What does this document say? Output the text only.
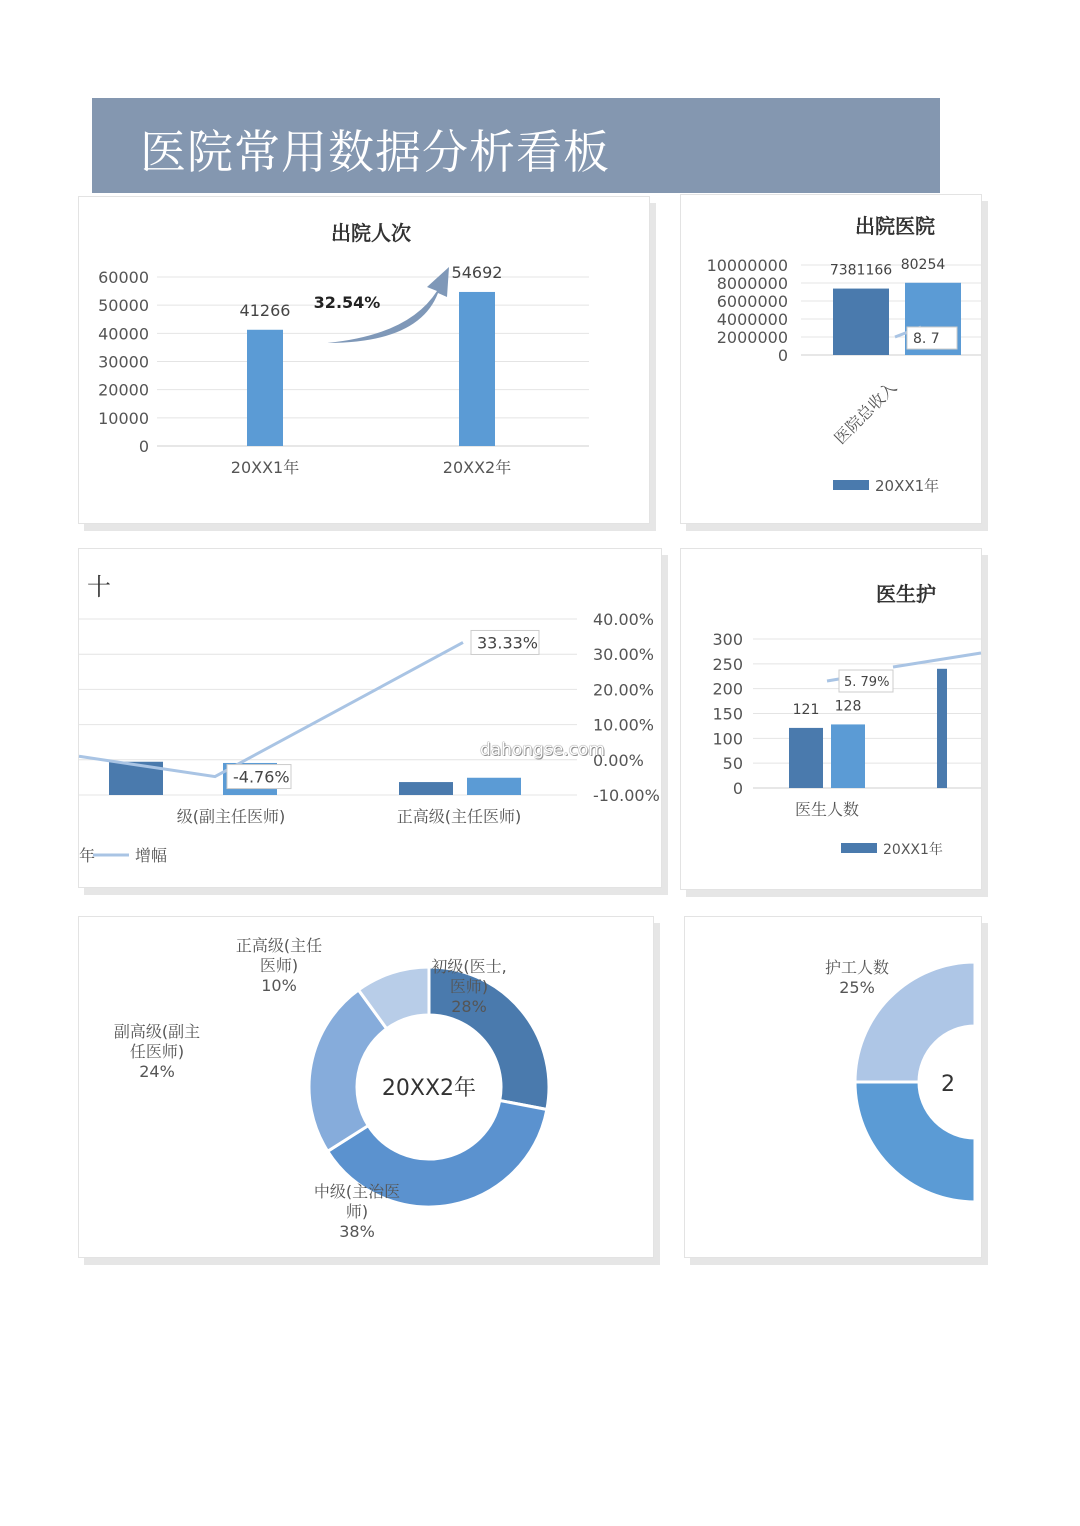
医院常用数据分析看板
出院人次
0
10000
20000
30000
40000
50000
60000
41266
20XX1年
54692
20XX2年
32.54%
出院医院
0
2000000
4000000
6000000
8000000
10000000	7381166 80254
8. 7
医院总收入
20XX1年
十
40.00%
30.00%
20.00%
10.00%
0.00%
-10.00%
级(副主任医师)	正高级(主任医师)
-4.76%
33.33%
年 增幅
医生护
0
50
100
150
200
250
300
121 128
5. 79%
医生人数
20XX1年
初级(医士,
医师)
28%
中级(主治医
师)
38%
副高级(副主
任医师)
24%
正高级(主任
医师)
10%
20XX2年
护工人数
25%
2
dahongse.com
